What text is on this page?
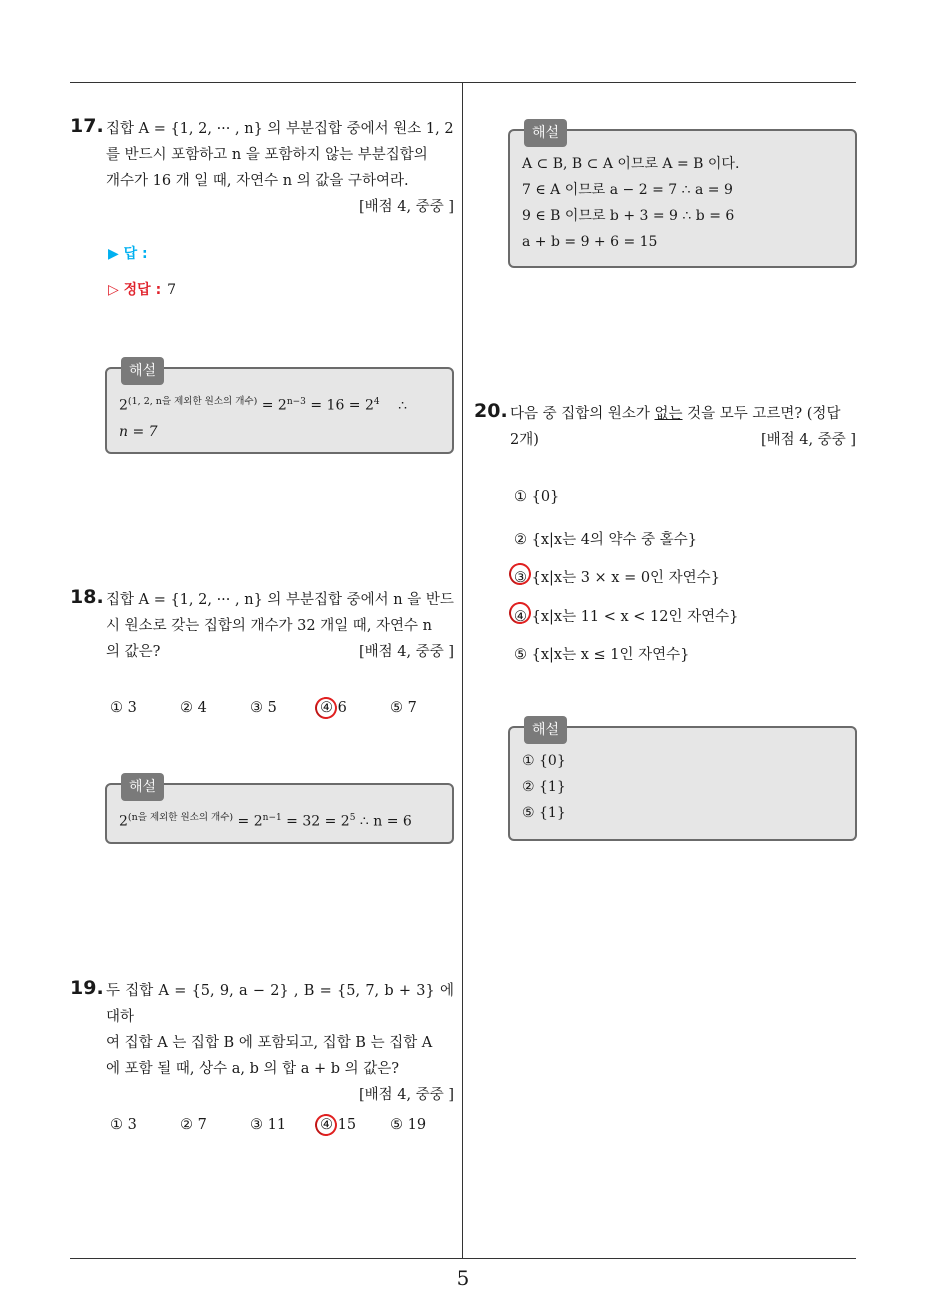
17. 집합 A = {1, 2, ··· , n} 의 부분집합 중에서 원소 1, 2
를 반드시 포함하고 n 을 포함하지 않는 부분집합의
개수가 16 개 일 때, 자연수 n 의 값을 구하여라.
[배점 4, 중중 ]
▶ 답 :
▷ 정답 : 7
해설
$2^{(1, 2, n을 제외한 원소의 개수)} = 2^{n-3} = 16 = 2^4$ ∴
n = 7
18. 집합 A = {1, 2, ··· , n} 의 부분집합 중에서 n 을 반드
시 원소로 갖는 집합의 개수가 32 개일 때, 자연수 n
의 값은?	[배점 4, 중중 ]
① 3	② 4	③ 5	④ 6	⑤ 7
해설
$2^{(n을 제외한 원소의 개수)} = 2^{n-1} = 32 = 2^5$ ∴ n = 6
19. 두 집합 A = {5, 9, a − 2} , B = {5, 7, b + 3} 에 대하
여 집합 A 는 집합 B 에 포함되고, 집합 B 는 집합 A
에 포함 될 때, 상수 a, b 의 합 a + b 의 값은?
[배점 4, 중중 ]
① 3	② 7	③ 11	④ 15	⑤ 19
해설
A ⊂ B, B ⊂ A 이므로 A = B 이다.
7 ∈ A 이므로 a − 2 = 7 ∴ a = 9
9 ∈ B 이므로 b + 3 = 9 ∴ b = 6
a + b = 9 + 6 = 15
20. 다음 중 집합의 원소가 없는 것을 모두 고르면? (정답
2개)	[배점 4, 중중 ]
① {0}
② {x|x는 4의 약수 중 홀수}
③ {x|x는 3 × x = 0인 자연수}
④ {x|x는 11 < x < 12인 자연수}
⑤ {x|x는 x ≤ 1인 자연수}
해설
① {0}
② {1}
⑤ {1}
5
